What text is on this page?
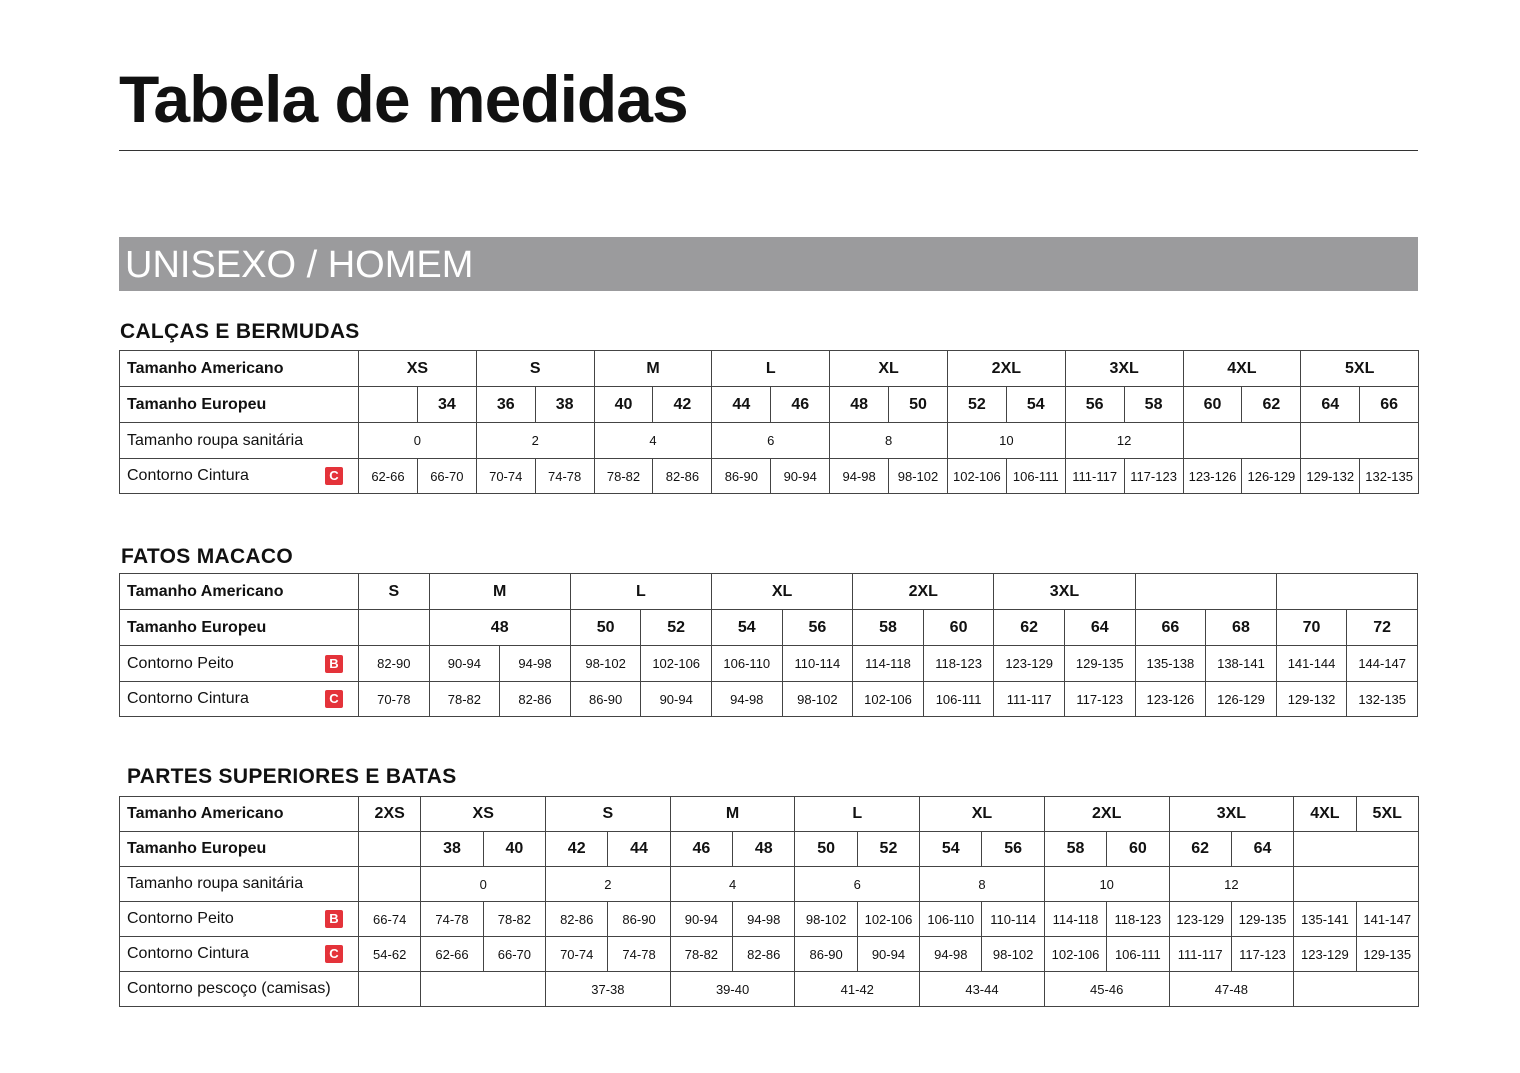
Tabela de medidas
UNISEXO / HOMEM
CALÇAS E BERMUDAS
Tamanho Americano	XS		S		M		L		XL		2XL		3XL		4XL		5XL	
Tamanho Europeu		34	36	38	40	42	44	46	48	50	52	54	56	58	60	62	64	66
Tamanho roupa sanitária	0		2		4		6		8		10		12					
Contorno Cintura C	62-66	66-70	70-74	74-78	78-82	82-86	86-90	90-94	94-98	98-102	102-106	106-111	111-117	117-123	123-126	126-129	129-132	132-135
FATOS MACACO
Tamanho Americano	S	M		L		XL		2XL		3XL					
Tamanho Europeu		48		50	52	54	56	58	60	62	64	66	68	70	72
Contorno Peito B	82-90	90-94	94-98	98-102	102-106	106-110	110-114	114-118	118-123	123-129	129-135	135-138	138-141	141-144	144-147
Contorno Cintura C	70-78	78-82	82-86	86-90	90-94	94-98	98-102	102-106	106-111	111-117	117-123	123-126	126-129	129-132	132-135
PARTES SUPERIORES E BATAS
Tamanho Americano	2XS	XS		S		M		L		XL		2XL		3XL		4XL	5XL
Tamanho Europeu		38	40	42	44	46	48	50	52	54	56	58	60	62	64		
Tamanho roupa sanitária		0		2		4		6		8		10		12			
Contorno Peito B	66-74	74-78	78-82	82-86	86-90	90-94	94-98	98-102	102-106	106-110	110-114	114-118	118-123	123-129	129-135	135-141	141-147
Contorno Cintura C	54-62	62-66	66-70	70-74	74-78	78-82	82-86	86-90	90-94	94-98	98-102	102-106	106-111	111-117	117-123	123-129	129-135
Contorno pescoço (camisas)				37-38		39-40		41-42		43-44		45-46		47-48			
